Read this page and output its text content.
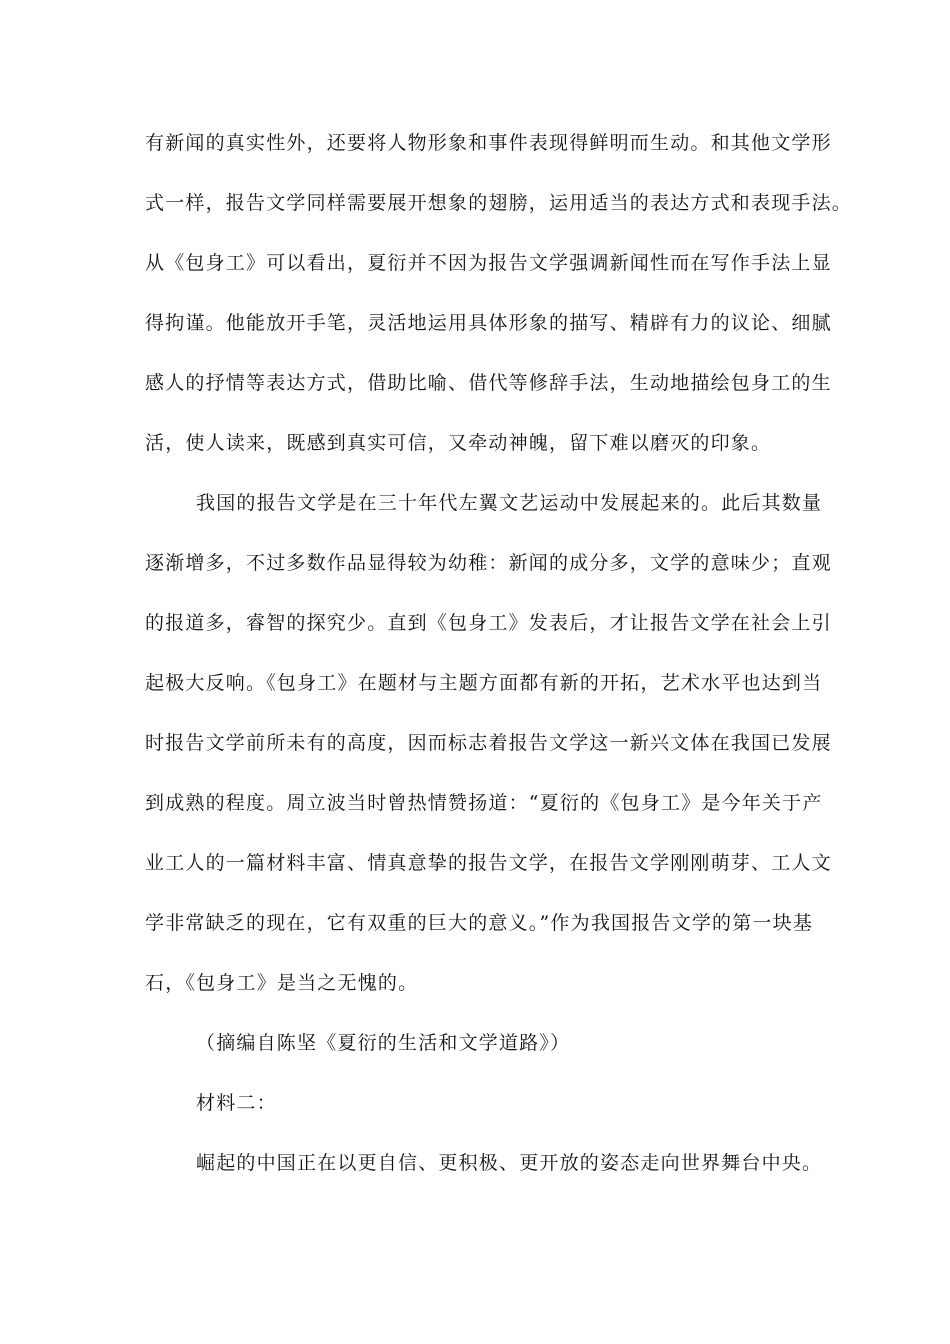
有新闻的真实性外，还要将人物形象和事件表现得鲜明而生动。和其他文学形
式一样，报告文学同样需要展开想象的翅膀，运用适当的表达方式和表现手法。
从《包身工》可以看出，夏衍并不因为报告文学强调新闻性而在写作手法上显
得拘谨。他能放开手笔，灵活地运用具体形象的描写、精辟有力的议论、细腻
感人的抒情等表达方式，借助比喻、借代等修辞手法，生动地描绘包身工的生
活，使人读来，既感到真实可信，又牵动神魄，留下难以磨灭的印象。
我国的报告文学是在三十年代左翼文艺运动中发展起来的。此后其数量
逐渐增多，不过多数作品显得较为幼稚：新闻的成分多，文学的意味少；直观
的报道多，睿智的探究少。直到《包身工》发表后，才让报告文学在社会上引
起极大反响。《包身工》在题材与主题方面都有新的开拓，艺术水平也达到当
时报告文学前所未有的高度，因而标志着报告文学这一新兴文体在我国已发展
到成熟的程度。周立波当时曾热情赞扬道：“夏衍的《包身工》是今年关于产
业工人的一篇材料丰富、情真意挚的报告文学，在报告文学刚刚萌芽、工人文
学非常缺乏的现在，它有双重的巨大的意义。”作为我国报告文学的第一块基
石，《包身工》是当之无愧的。
（摘编自陈坚《夏衍的生活和文学道路》）
材料二：
崛起的中国正在以更自信、更积极、更开放的姿态走向世界舞台中央。
